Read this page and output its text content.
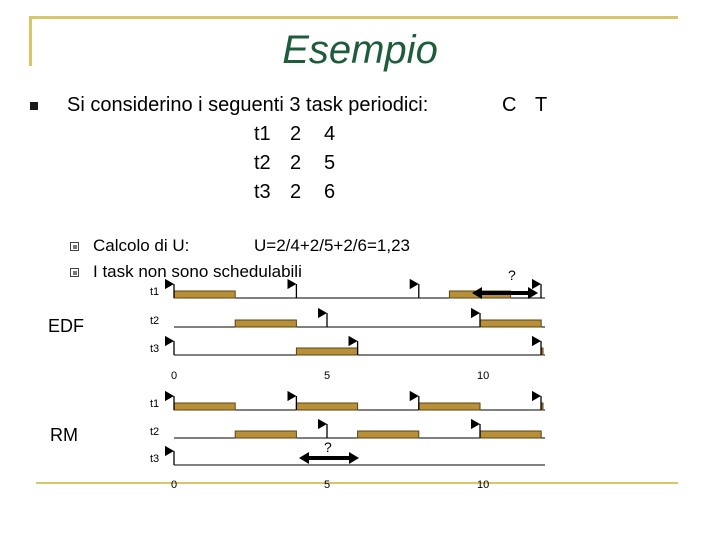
Esempio
Si considerino i seguenti 3 task periodici:	C T
t1 2 4
t2 2 5
t3 2 6
Calcolo di U:	U=2/4+2/5+2/6=1,23
I task non sono schedulabili
EDF
RM
t1
t2
t3
0	5	10
t1
t2
t3
0	5	10
?
?
